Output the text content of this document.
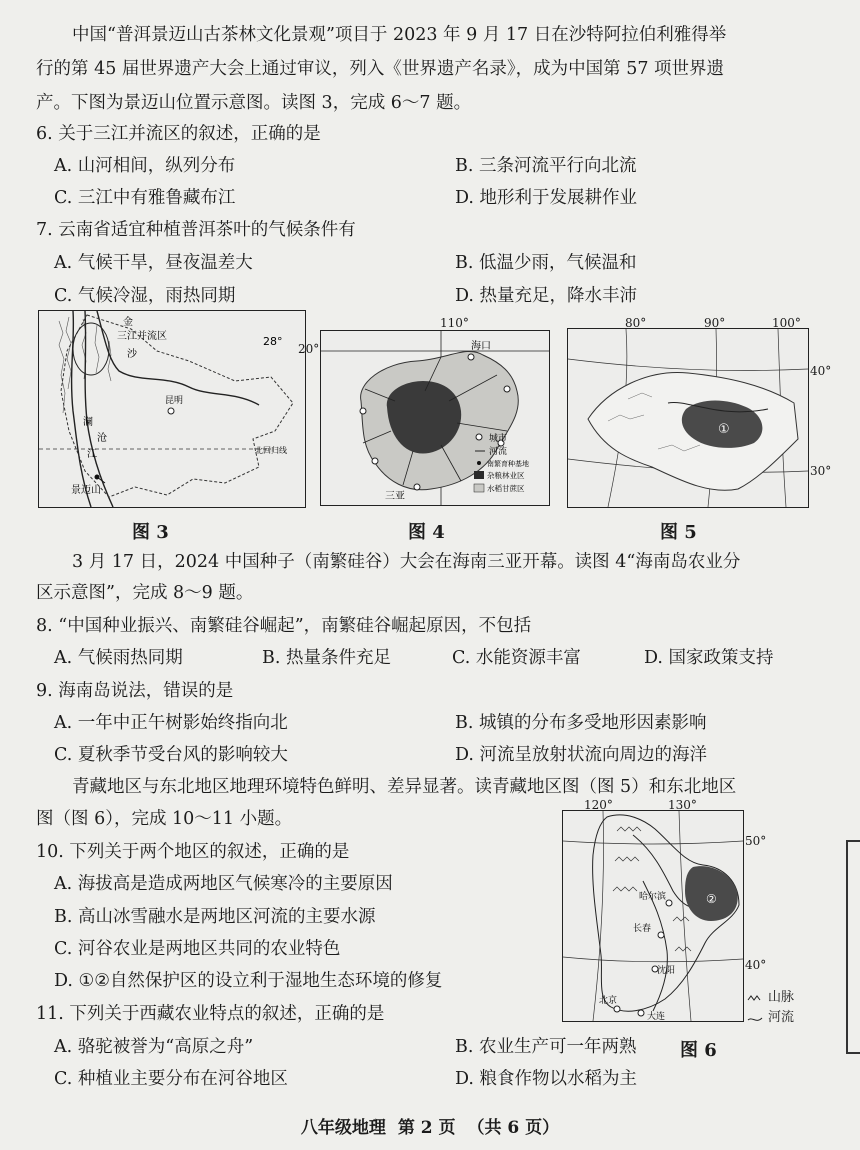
中国“普洱景迈山古茶林文化景观”项目于 2023 年 9 月 17 日在沙特阿拉伯利雅得举
行的第 45 届世界遗产大会上通过审议，列入《世界遗产名录》，成为中国第 57 项世界遗
产。下图为景迈山位置示意图。读图 3，完成 6～7 题。
6. 关于三江并流区的叙述，正确的是
A. 山河相间，纵列分布	B. 三条河流平行向北流
C. 三江中有雅鲁藏布江	D. 地形利于发展耕作业
7. 云南省适宜种植普洱茶叶的气候条件有
A. 气候干旱，昼夜温差大	B. 低温少雨，气候温和
C. 气候冷湿，雨热同期	D. 热量充足，降水丰沛
金
三江并流区
沙
28°
昆明
澜
沧
江	北回归线
景迈山
城市
河流
南繁育种基地
杂粮林业区
水稻甘蔗区
海口
三亚
110°
20°
①
80°	90°	100°
40°
30°
图 3	图 4	图 5
3 月 17 日，2024 中国种子（南繁硅谷）大会在海南三亚开幕。读图 4“海南岛农业分
区示意图”，完成 8～9 题。
8. “中国种业振兴、南繁硅谷崛起”，南繁硅谷崛起原因，不包括
A. 气候雨热同期	B. 热量条件充足	C. 水能资源丰富	D. 国家政策支持
9. 海南岛说法，错误的是
A. 一年中正午树影始终指向北	B. 城镇的分布多受地形因素影响
C. 夏秋季节受台风的影响较大	D. 河流呈放射状流向周边的海洋
青藏地区与东北地区地理环境特色鲜明、差异显著。读青藏地区图（图 5）和东北地区
图（图 6），完成 10～11 小题。
10. 下列关于两个地区的叙述，正确的是
A. 海拔高是造成两地区气候寒冷的主要原因
B. 高山冰雪融水是两地区河流的主要水源
C. 河谷农业是两地区共同的农业特色
D. ①②自然保护区的设立利于湿地生态环境的修复
11. 下列关于西藏农业特点的叙述，正确的是
A. 骆驼被誉为“高原之舟”	B. 农业生产可一年两熟
C. 种植业主要分布在河谷地区	D. 粮食作物以水稻为主
②
哈尔滨
长春
沈阳
北京
大连
120°	130°
50°
40°
山脉
河流
图 6
八年级地理 第 2 页 （共 6 页）
